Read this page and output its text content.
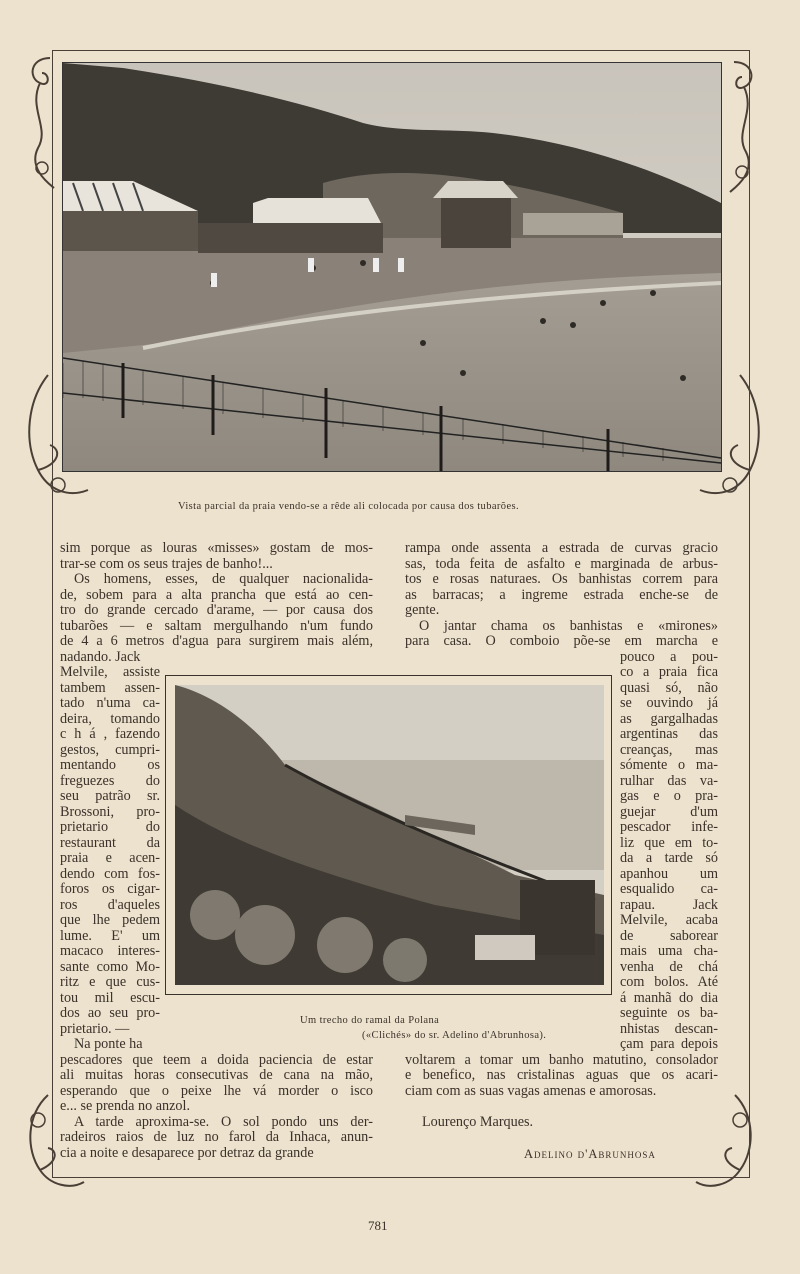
Vista parcial da praia vendo-se a rêde ali colocada por causa dos tubarões.
Um trecho do ramal da Polana
(«Clichés» do sr. Adelino d'Abrunhosa).
sim porque as louras «misses» gostam de mos-
trar-se com os seus trajes de banho!...
Os homens, esses, de qualquer nacionalida-
de, sobem para a alta prancha que está ao cen-
tro do grande cercado d'arame, — por causa dos
tubarões — e saltam mergulhando n'um fundo
de 4 a 6 metros d'agua para surgirem mais além,
nadando. Jack
Melvile, assiste
tambem assen-
tado n'uma ca-
deira, tomando
c h á , fazendo
gestos, cumpri-
mentando os
freguezes do
seu patrão sr.
Brossoni, pro-
prietario do
restaurant da
praia e acen-
dendo com fos-
foros os cigar-
ros d'aqueles
que lhe pedem
lume. E' um
macaco interes-
sante como Mo-
ritz e que cus-
tou mil escu-
dos ao seu pro-
prietario. —
Na ponte ha
pescadores que teem a doida paciencia de estar
ali muitas horas consecutivas de cana na mão,
esperando que o peixe lhe vá morder o isco
e... se prenda no anzol.
A tarde aproxima-se. O sol pondo uns der-
radeiros raios de luz no farol da Inhaca, anun-
cia a noite e desaparece por detraz da grande
rampa onde assenta a estrada de curvas gracio
sas, toda feita de asfalto e marginada de arbus-
tos e rosas naturaes. Os banhistas correm para
as barracas; a ingreme estrada enche-se de
gente.
O jantar chama os banhistas e «mirones»
para casa. O comboio põe-se em marcha e
pouco a pou-
co a praia fica
quasi só, não
se ouvindo já
as gargalhadas
argentinas das
creanças, mas
sómente o ma-
rulhar das va-
gas e o pra-
guejar d'um
pescador infe-
liz que em to-
da a tarde só
apanhou um
esqualido ca-
rapau. Jack
Melvile, acaba
de saborear
mais uma cha-
venha de chá
com bolos. Até
á manhã do dia
seguinte os ba-
nhistas descan-
çam para depois
voltarem a tomar um banho matutino, consolador
e benefico, nas cristalinas aguas que os acari-
ciam com as suas vagas amenas e amorosas.
Lourenço Marques.
Adelino d'Abrunhosa
781
